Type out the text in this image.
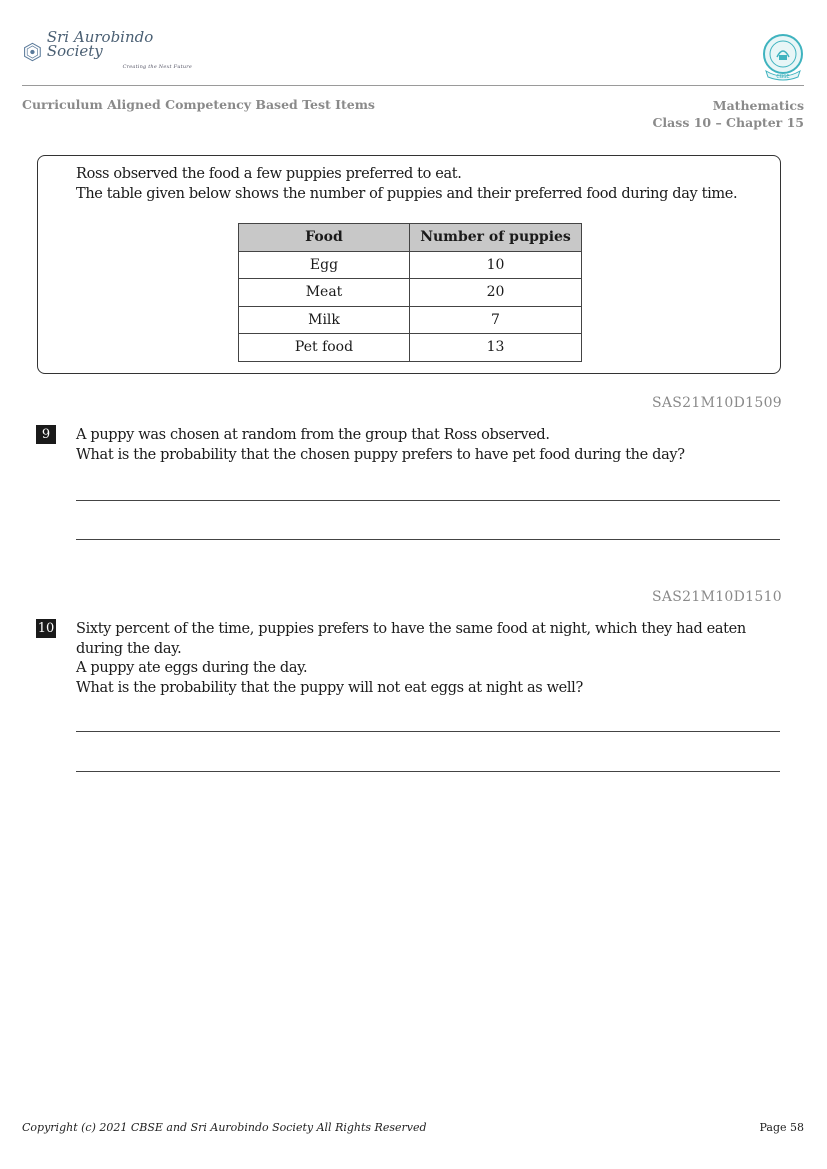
Sri Aurobindo Society
Creating the Next Future
CBSE
Curriculum Aligned Competency Based Test Items	Mathematics
Class 10 – Chapter 15
Ross observed the food a few puppies preferred to eat.
The table given below shows the number of puppies and their preferred food during day time.
Food	Number of puppies
Egg	10
Meat	20
Milk	7
Pet food	13
SAS21M10D1509
9	A puppy was chosen at random from the group that Ross observed.

What is the probability that the chosen puppy prefers to have pet food during the day?

SAS21M10D1510
10 Sixty percent of the time, puppies prefers to have the same food at night, which they had eaten during the day.

A puppy ate eggs during the day.

What is the probability that the puppy will not eat eggs at night as well?

Copyright (c) 2021 CBSE and Sri Aurobindo Society All Rights Reserved	Page 58
